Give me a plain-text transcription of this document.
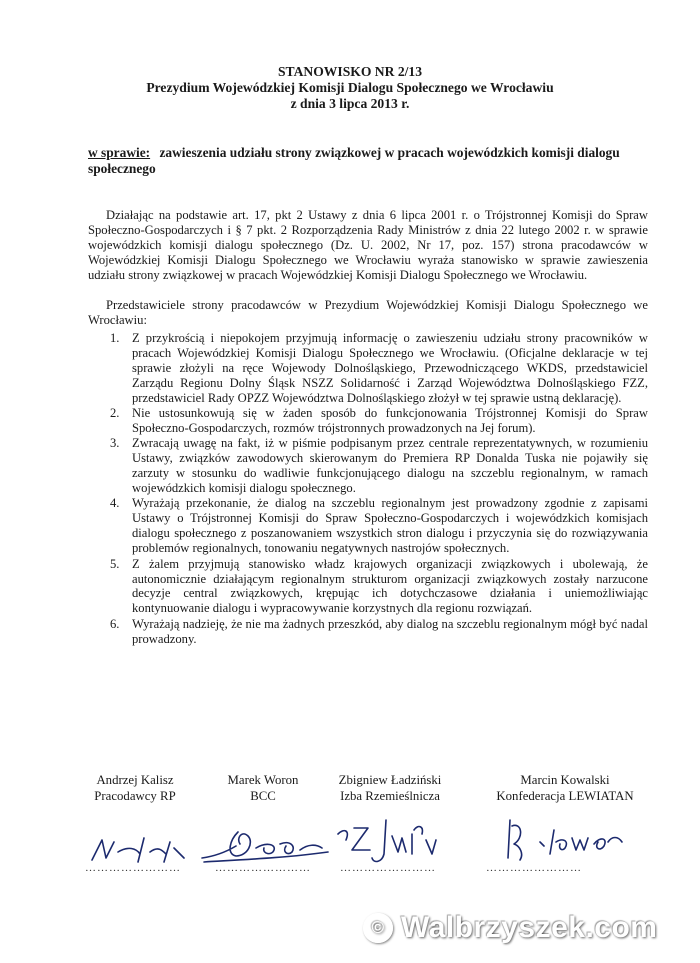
STANOWISKO NR 2/13
Prezydium Wojewódzkiej Komisji Dialogu Społecznego we Wrocławiu
z dnia 3 lipca 2013 r.
w sprawie: zawieszenia udziału strony związkowej w pracach wojewódzkich komisji dialogu społecznego
Działając na podstawie art. 17, pkt 2 Ustawy z dnia 6 lipca 2001 r. o Trójstronnej Komisji do Spraw Społeczno-Gospodarczych i § 7 pkt. 2 Rozporządzenia Rady Ministrów z dnia 22 lutego 2002 r. w sprawie wojewódzkich komisji dialogu społecznego (Dz. U. 2002, Nr 17, poz. 157) strona pracodawców w Wojewódzkiej Komisji Dialogu Społecznego we Wrocławiu wyraża stanowisko w sprawie zawieszenia udziału strony związkowej w pracach Wojewódzkiej Komisji Dialogu Społecznego we Wrocławiu.
Przedstawiciele strony pracodawców w Prezydium Wojewódzkiej Komisji Dialogu Społecznego we Wrocławiu:
1. Z przykrością i niepokojem przyjmują informację o zawieszeniu udziału strony pracowników w pracach Wojewódzkiej Komisji Dialogu Społecznego we Wrocławiu. (Oficjalne deklaracje w tej sprawie złożyli na ręce Wojewody Dolnośląskiego, Przewodniczącego WKDS, przedstawiciel Zarządu Regionu Dolny Śląsk NSZZ Solidarność i Zarząd Województwa Dolnośląskiego FZZ, przedstawiciel Rady OPZZ Województwa Dolnośląskiego złożył w tej sprawie ustną deklarację).
2. Nie ustosunkowują się w żaden sposób do funkcjonowania Trójstronnej Komisji do Spraw Społeczno-Gospodarczych, rozmów trójstronnych prowadzonych na Jej forum).
3. Zwracają uwagę na fakt, iż w piśmie podpisanym przez centrale reprezentatywnych, w rozumieniu Ustawy, związków zawodowych skierowanym do Premiera RP Donalda Tuska nie pojawiły się zarzuty w stosunku do wadliwie funkcjonującego dialogu na szczeblu regionalnym, w ramach wojewódzkich komisji dialogu społecznego.
4. Wyrażają przekonanie, że dialog na szczeblu regionalnym jest prowadzony zgodnie z zapisami Ustawy o Trójstronnej Komisji do Spraw Społeczno-Gospodarczych i wojewódzkich komisjach dialogu społecznego z poszanowaniem wszystkich stron dialogu i przyczynia się do rozwiązywania problemów regionalnych, tonowaniu negatywnych nastrojów społecznych.
5. Z żalem przyjmują stanowisko władz krajowych organizacji związkowych i ubolewają, że autonomicznie działającym regionalnym strukturom organizacji związkowych zostały narzucone decyzje central związkowych, krępując ich dotychczasowe działania i uniemożliwiając kontynuowanie dialogu i wypracowywanie korzystnych dla regionu rozwiązań.
6. Wyrażają nadzieję, że nie ma żadnych przeszkód, aby dialog na szczeblu regionalnym mógł być nadal prowadzony.
Andrzej Kalisz
Pracodawcy RP
Marek Woron
BCC
Zbigniew Ładziński
Izba Rzemieślnicza
Marcin Kowalski
Konfederacja LEWIATAN
……………………	……………………	……………………	……………………
© Walbrzyszek.com
